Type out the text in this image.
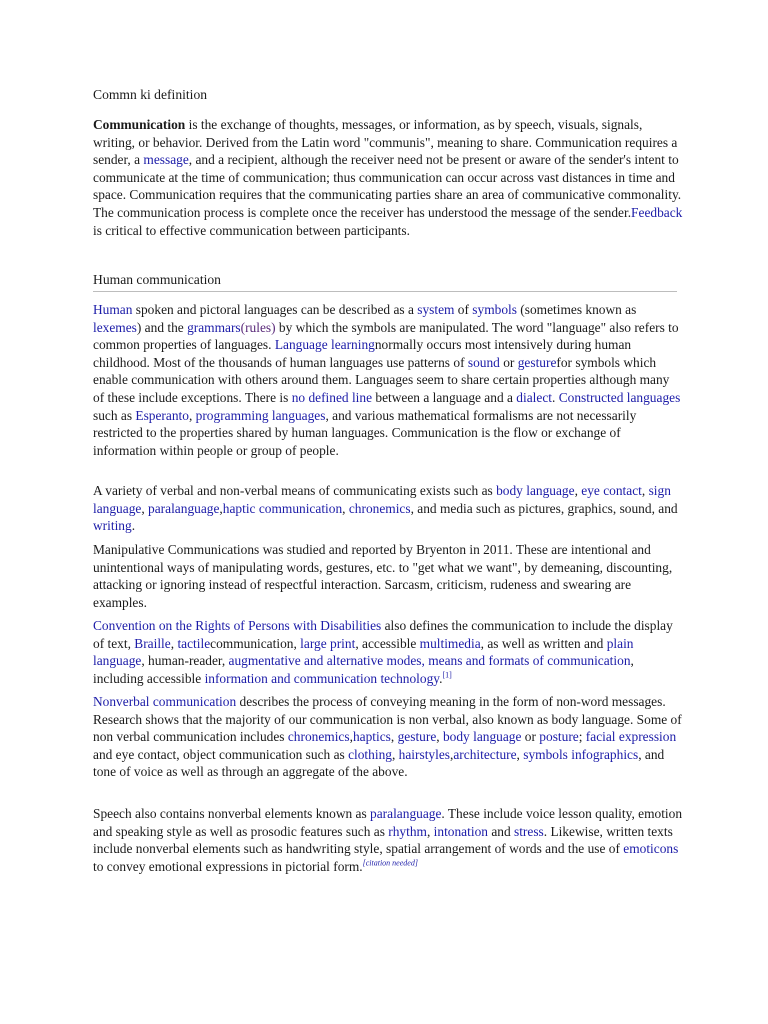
Commn ki definition

Communication is the exchange of thoughts, messages, or information, as by speech, visuals, signals, writing, or behavior. Derived from the Latin word "communis", meaning to share. Communication requires a sender, a message, and a recipient, although the receiver need not be present or aware of the sender's intent to communicate at the time of communication; thus communication can occur across vast distances in time and space. Communication requires that the communicating parties share an area of communicative commonality. The communication process is complete once the receiver has understood the message of the sender.Feedback is critical to effective communication between participants.

Human communication

Human spoken and pictoral languages can be described as a system of symbols (sometimes known as lexemes) and the grammars(rules) by which the symbols are manipulated. The word "language" also refers to common properties of languages. Language learningnormally occurs most intensively during human childhood. Most of the thousands of human languages use patterns of sound or gesturefor symbols which enable communication with others around them. Languages seem to share certain properties although many of these include exceptions. There is no defined line between a language and a dialect. Constructed languages such as Esperanto, programming languages, and various mathematical formalisms are not necessarily restricted to the properties shared by human languages. Communication is the flow or exchange of information within people or group of people.

A variety of verbal and non-verbal means of communicating exists such as body language, eye contact, sign language, paralanguage,haptic communication, chronemics, and media such as pictures, graphics, sound, and writing.

Manipulative Communications was studied and reported by Bryenton in 2011. These are intentional and unintentional ways of manipulating words, gestures, etc. to "get what we want", by demeaning, discounting, attacking or ignoring instead of respectful interaction. Sarcasm, criticism, rudeness and swearing are examples.

Convention on the Rights of Persons with Disabilities also defines the communication to include the display of text, Braille, tactilecommunication, large print, accessible multimedia, as well as written and plain language, human-reader, augmentative and alternative modes, means and formats of communication, including accessible information and communication technology.[1]

Nonverbal communication describes the process of conveying meaning in the form of non-word messages. Research shows that the majority of our communication is non verbal, also known as body language. Some of non verbal communication includes chronemics,haptics, gesture, body language or posture; facial expression and eye contact, object communication such as clothing, hairstyles,architecture, symbols infographics, and tone of voice as well as through an aggregate of the above.

Speech also contains nonverbal elements known as paralanguage. These include voice lesson quality, emotion and speaking style as well as prosodic features such as rhythm, intonation and stress. Likewise, written texts include nonverbal elements such as handwriting style, spatial arrangement of words and the use of emoticons to convey emotional expressions in pictorial form.[citation needed]
